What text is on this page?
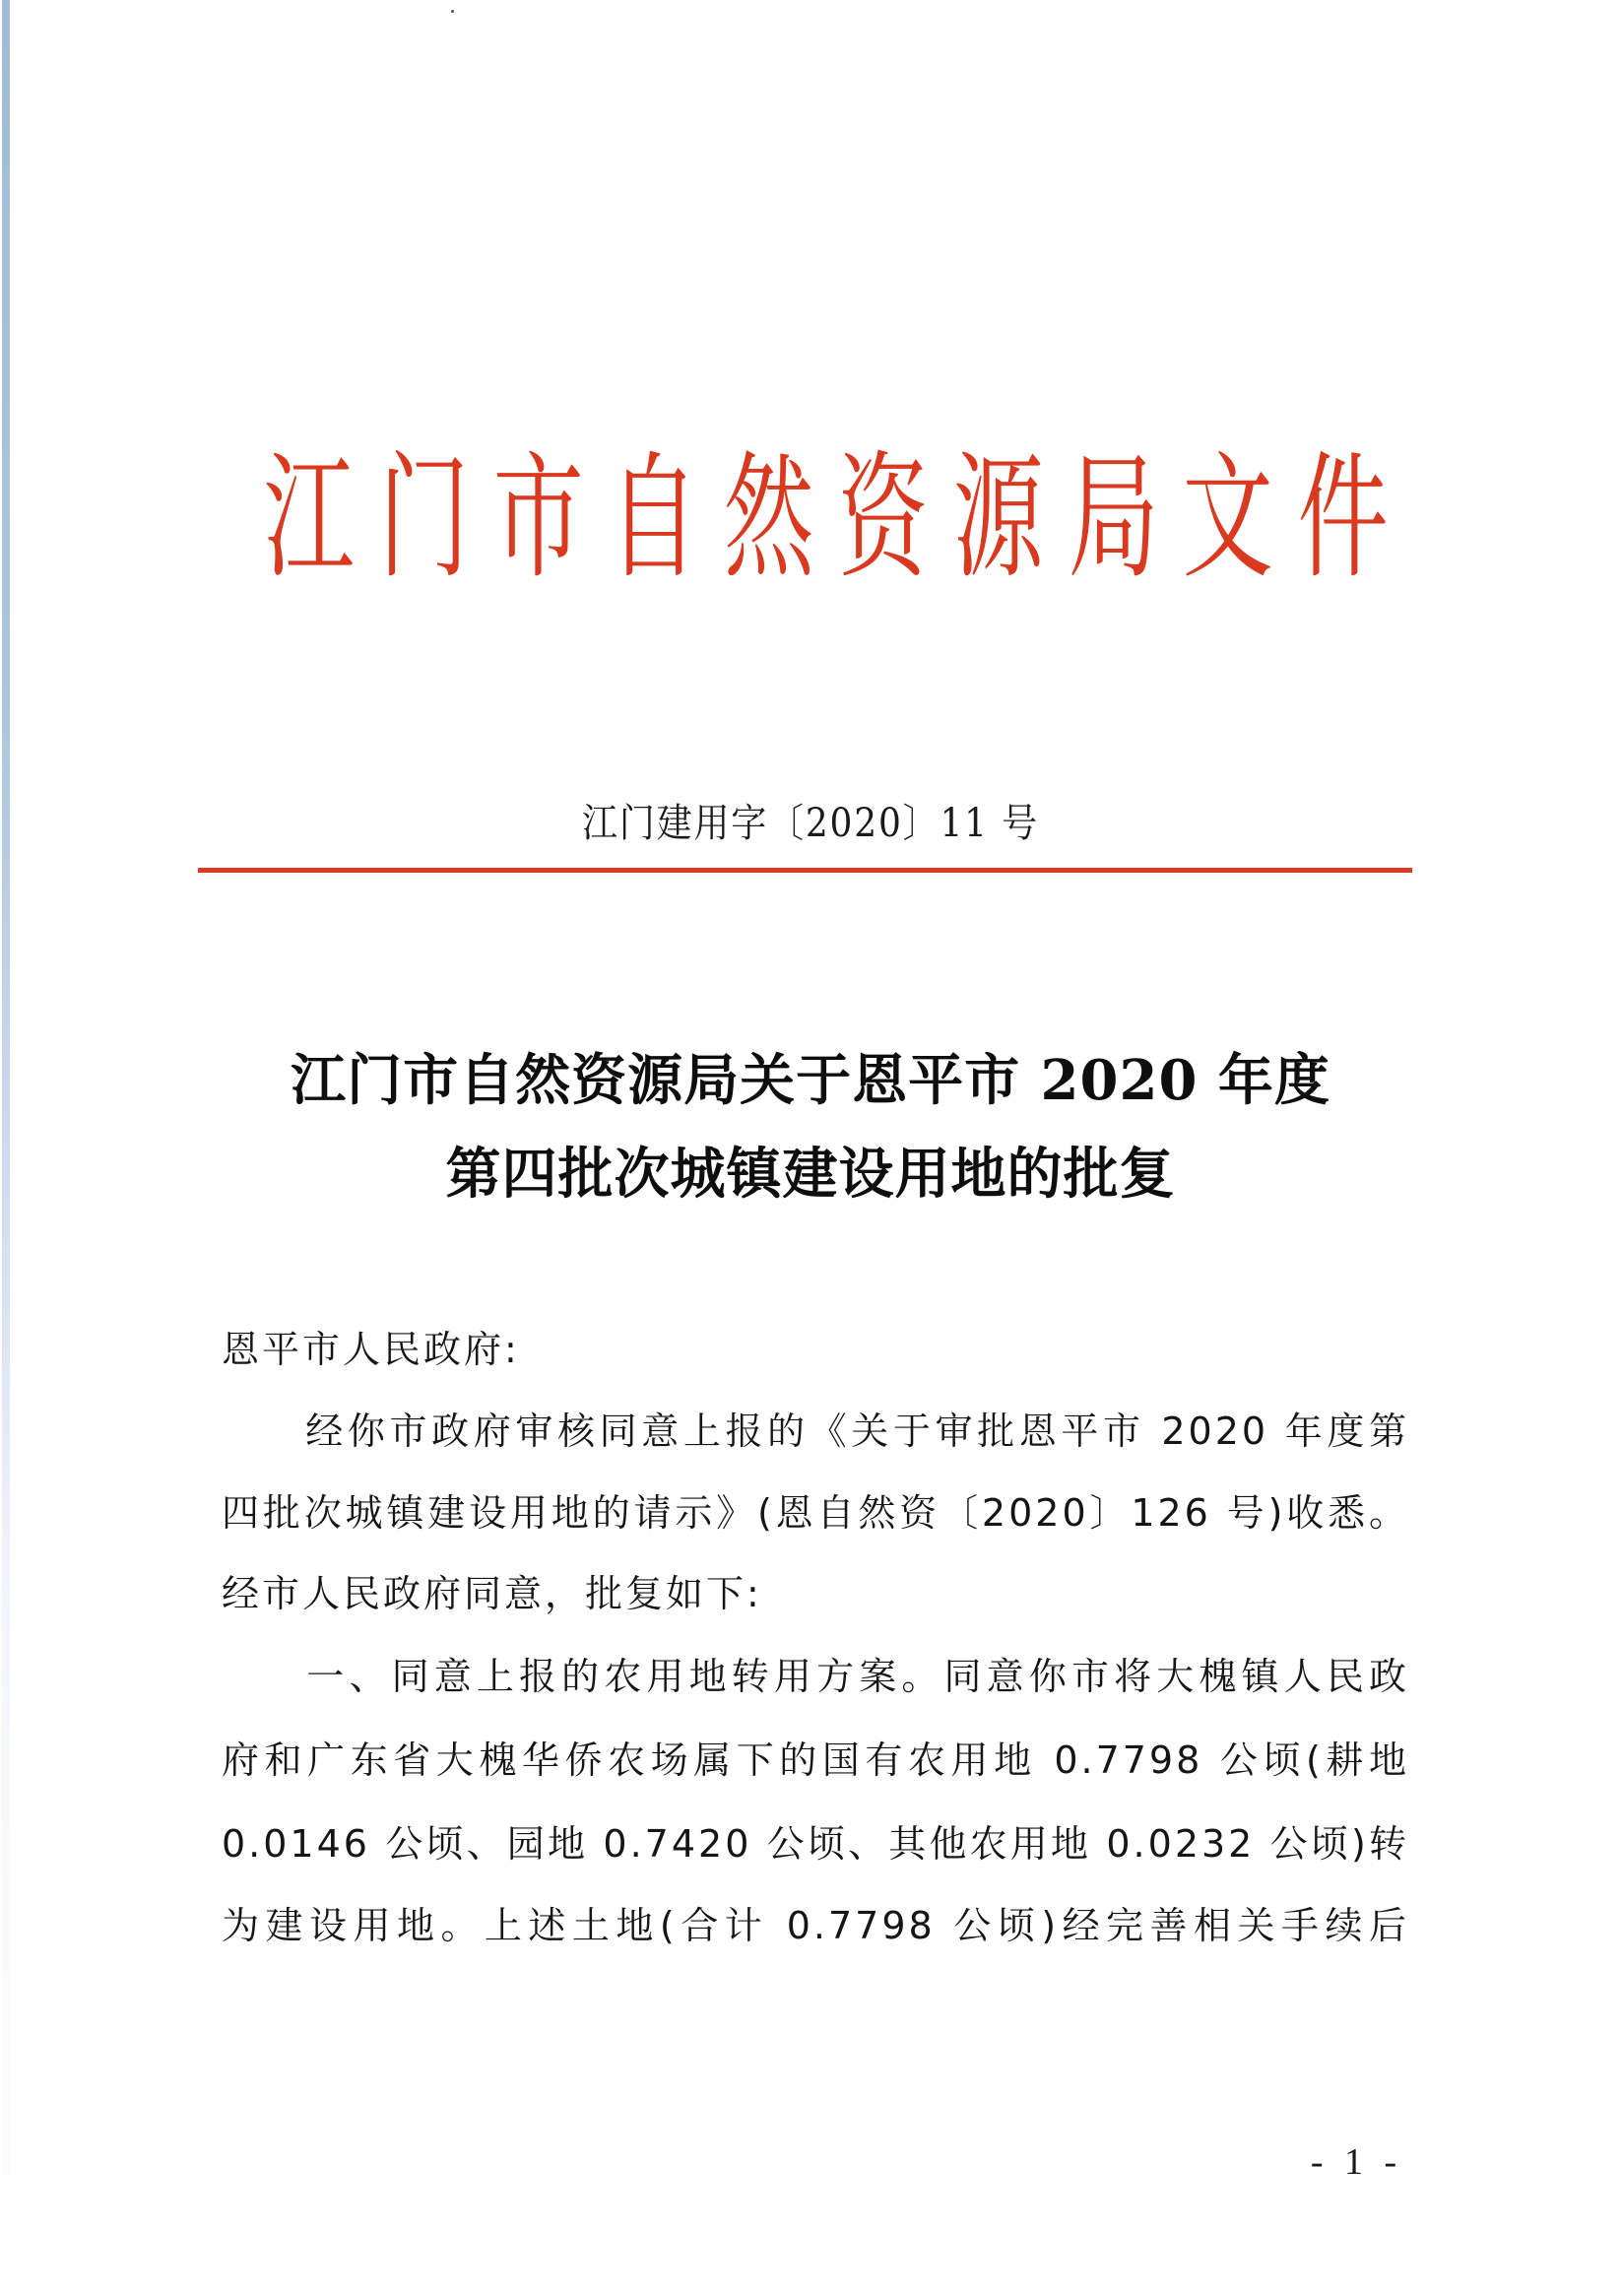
江 门 市 自 然 资 源 局 文 件
江门建用字〔2020〕11 号
江门市自然资源局关于恩平市 2020 年度
第四批次城镇建设用地的批复
恩平市人民政府:
　　经你市政府审核同意上报的《关于审批恩平市 2020 年度第
四批次城镇建设用地的请示》(恩自然资〔2020〕126 号)收悉。
经市人民政府同意，批复如下:
　　一、同意上报的农用地转用方案。同意你市将大槐镇人民政
府和广东省大槐华侨农场属下的国有农用地 0.7798 公顷(耕地
0.0146 公顷、园地 0.7420 公顷、其他农用地 0.0232 公顷)转
为建设用地。上述土地(合计 0.7798 公顷)经完善相关手续后
- 1 -
